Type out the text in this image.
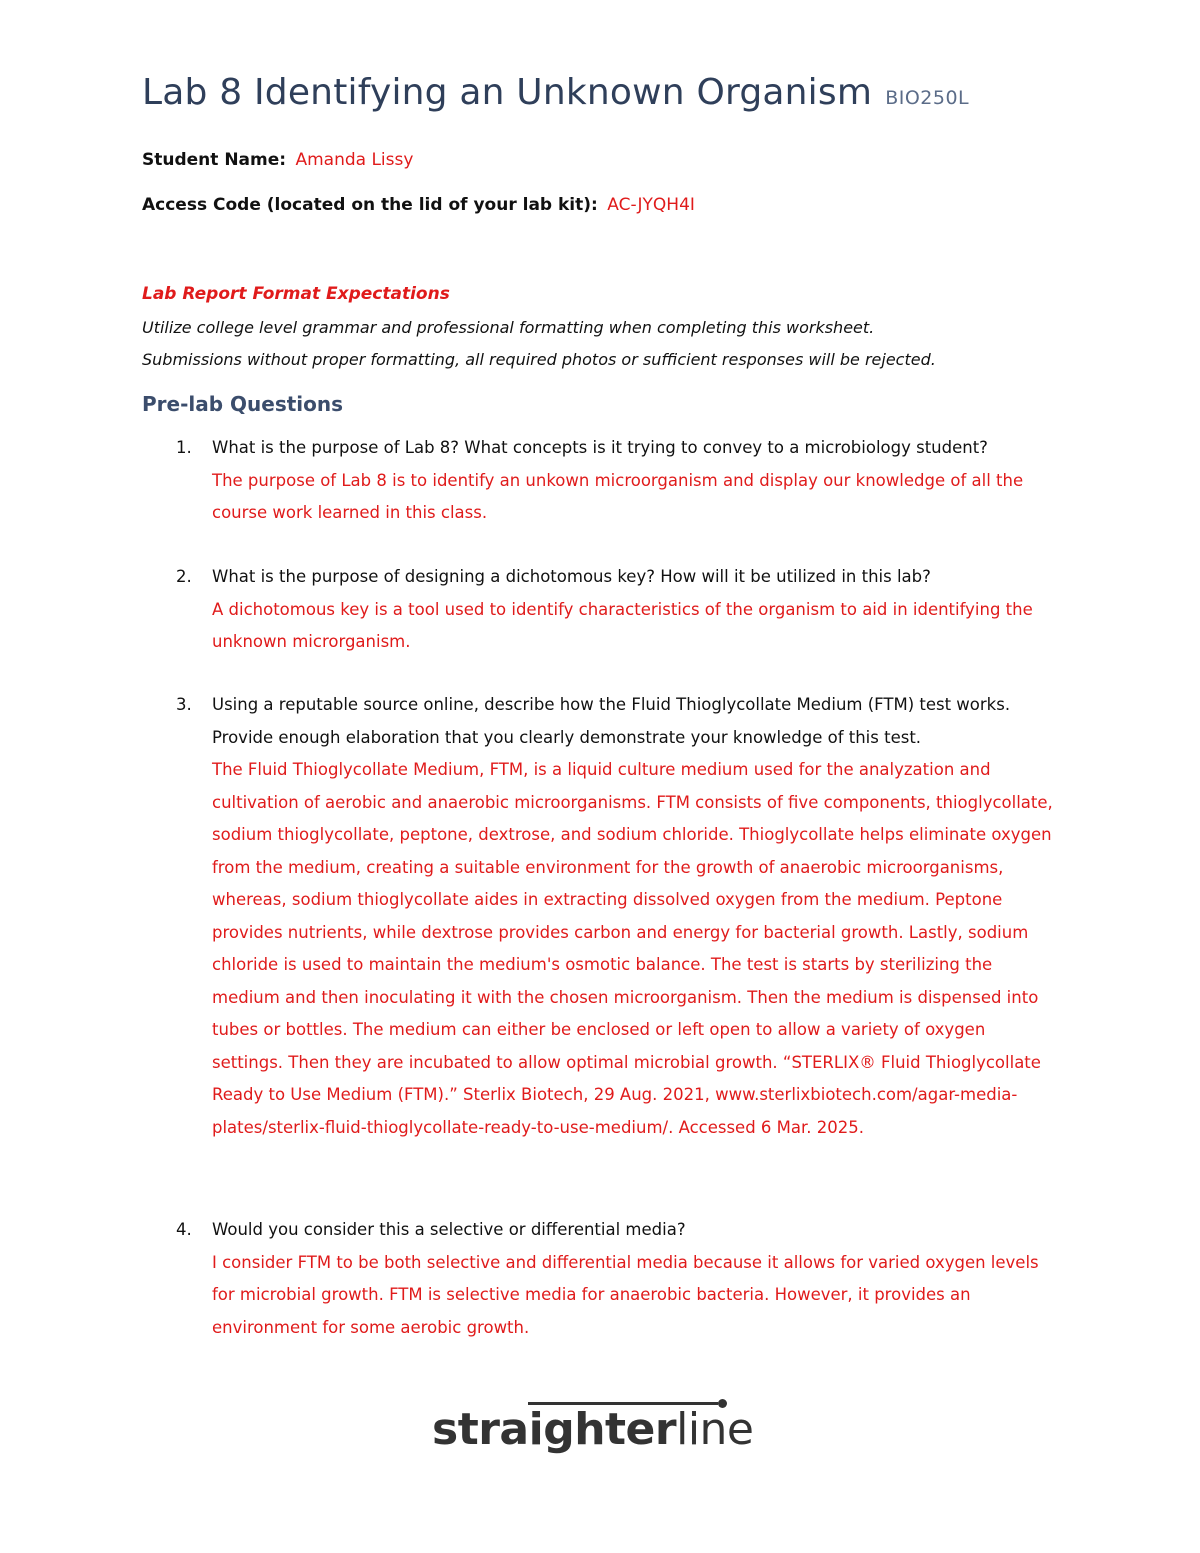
Lab 8 Identifying an Unknown Organism BIO250L
Student Name: Amanda Lissy
Access Code (located on the lid of your lab kit): AC-JYQH4I
Lab Report Format Expectations
Utilize college level grammar and professional formatting when completing this worksheet.
Submissions without proper formatting, all required photos or sufficient responses will be rejected.
Pre-lab Questions
1. What is the purpose of Lab 8? What concepts is it trying to convey to a microbiology student?
The purpose of Lab 8 is to identify an unkown microorganism and display our knowledge of all the course work learned in this class.
2. What is the purpose of designing a dichotomous key? How will it be utilized in this lab?
A dichotomous key is a tool used to identify characteristics of the organism to aid in identifying the unknown microrganism.
3. Using a reputable source online, describe how the Fluid Thioglycollate Medium (FTM) test works. Provide enough elaboration that you clearly demonstrate your knowledge of this test.
The Fluid Thioglycollate Medium, FTM, is a liquid culture medium used for the analyzation and cultivation of aerobic and anaerobic microorganisms. FTM consists of five components, thioglycollate, sodium thioglycollate, peptone, dextrose, and sodium chloride. Thioglycollate helps eliminate oxygen from the medium, creating a suitable environment for the growth of anaerobic microorganisms, whereas, sodium thioglycollate aides in extracting dissolved oxygen from the medium. Peptone provides nutrients, while dextrose provides carbon and energy for bacterial growth. Lastly, sodium chloride is used to maintain the medium's osmotic balance. The test is starts by sterilizing the medium and then inoculating it with the chosen microorganism. Then the medium is dispensed into tubes or bottles. The medium can either be enclosed or left open to allow a variety of oxygen settings. Then they are incubated to allow optimal microbial growth. “STERLIX® Fluid Thioglycollate Ready to Use Medium (FTM).” Sterlix Biotech, 29 Aug. 2021, www.sterlixbiotech.com/agar-media-plates/sterlix-fluid-thioglycollate-ready-to-use-medium/. Accessed 6 Mar. 2025.
4. Would you consider this a selective or differential media?
I consider FTM to be both selective and differential media because it allows for varied oxygen levels for microbial growth. FTM is selective media for anaerobic bacteria. However, it provides an environment for some aerobic growth.
straighterline
